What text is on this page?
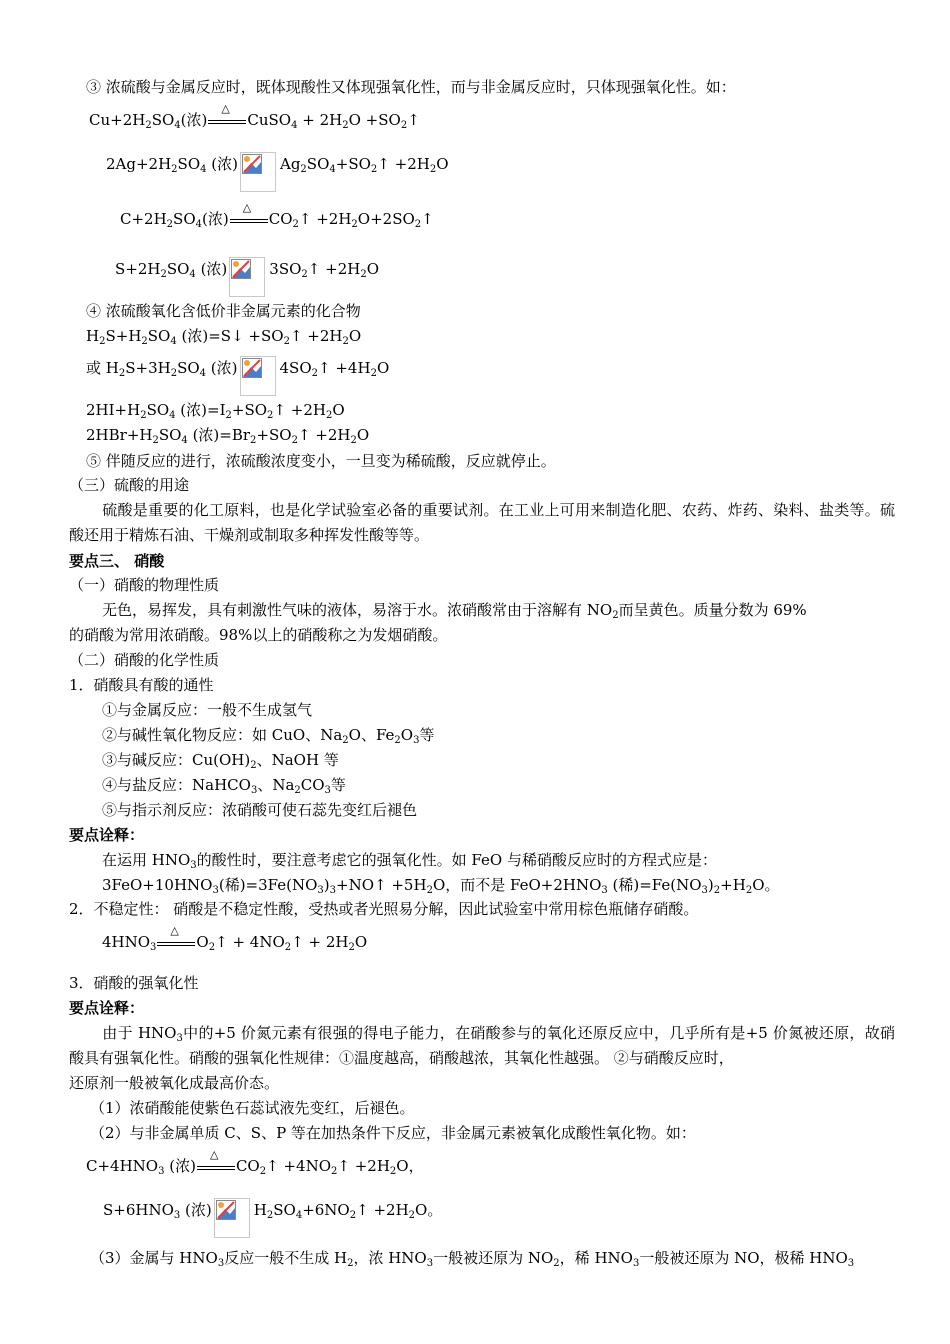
③ 浓硫酸与金属反应时，既体现酸性又体现强氧化性，而与非金属反应时，只体现强氧化性。如：
$Cu+2H_2SO_4$(浓)
△
CuSO$_4$ + $2H_2O$ $+SO_2↑$
$2Ag+2H_2SO_4$ (浓)	$Ag_2SO_4+SO_2↑ +2H_2O$
$C+2H_2SO_4$(浓)
△
$CO_2↑$ $+2H_2O+2SO_2↑$
$S+2H_2SO_4$ (浓)	$3SO_2↑ +2H_2O$
④ 浓硫酸氧化含低价非金属元素的化合物
$H_2S+H_2SO_4$ (浓)=S↓ $+SO_2↑ +2H_2O$
或 $H_2S+3H_2SO_4$ (浓)	$4SO_2↑ +4H_2O$
$2HI+H_2SO_4$ (浓)$=I_2+SO_2↑ +2H_2O$
$2HBr+H_2SO_4$ (浓)$=Br_2+SO_2↑ +2H_2O$
⑤ 伴随反应的进行，浓硫酸浓度变小，一旦变为稀硫酸，反应就停止。
（三）硫酸的用途
硫酸是重要的化工原料，也是化学试验室必备的重要试剂。在工业上可用来制造化肥、农药、炸药、染料、盐类等。硫酸还用于精炼石油、干燥剂或制取多种挥发性酸等等。
要点三、 硝酸
（一）硝酸的物理性质
无色，易挥发，具有刺激性气味的液体，易溶于水。浓硝酸常由于溶解有 $NO_2$而呈黄色。质量分数为 69%
的硝酸为常用浓硝酸。98%以上的硝酸称之为发烟硝酸。
（二）硝酸的化学性质
1．硝酸具有酸的通性
①与金属反应：一般不生成氢气
②与碱性氧化物反应：如 CuO、$Na_2O$、$Fe_2O_3$等
③与碱反应：$Cu(OH)_2$、NaOH 等
④与盐反应：NaHCO$_3$、$Na_2CO_3$等
⑤与指示剂反应：浓硝酸可使石蕊先变红后褪色
要点诠释：
在运用 $HNO_3$的酸性时，要注意考虑它的强氧化性。如 FeO 与稀硝酸反应时的方程式应是：
$3FeO+10HNO_3$(稀)$=3Fe(NO_3)_3+NO↑ +5H_2O$，而不是 $FeO+2HNO_3$ (稀)$=Fe(NO_3)_2+H_2O$。
2．不稳定性： 硝酸是不稳定性酸，受热或者光照易分解，因此试验室中常用棕色瓶储存硝酸。
$4HNO_3$
△
$O_2↑$ + $4NO_2↑ + 2H_2O$
3．硝酸的强氧化性
要点诠释：
由于 $HNO_3$中的+5 价氮元素有很强的得电子能力，在硝酸参与的氧化还原反应中，几乎所有是+5 价氮被还原，故硝酸具有强氧化性。硝酸的强氧化性规律：①温度越高，硝酸越浓，其氧化性越强。 ②与硝酸反应时，
还原剂一般被氧化成最高价态。
（1）浓硝酸能使紫色石蕊试液先变红，后褪色。
（2）与非金属单质 C、S、P 等在加热条件下反应，非金属元素被氧化成酸性氧化物。如：
$C+4HNO_3$ (浓)
△
$CO_2↑$ $+4NO_2↑ +2H_2O$，
$S+6HNO_3$ (浓)	$H_2SO_4+6NO_2↑ +2H_2O$。
（3）金属与 $HNO_3$反应一般不生成 $H_2$，浓 $HNO_3$一般被还原为 $NO_2$，稀 $HNO_3$一般被还原为 NO，极稀 $HNO_3$
